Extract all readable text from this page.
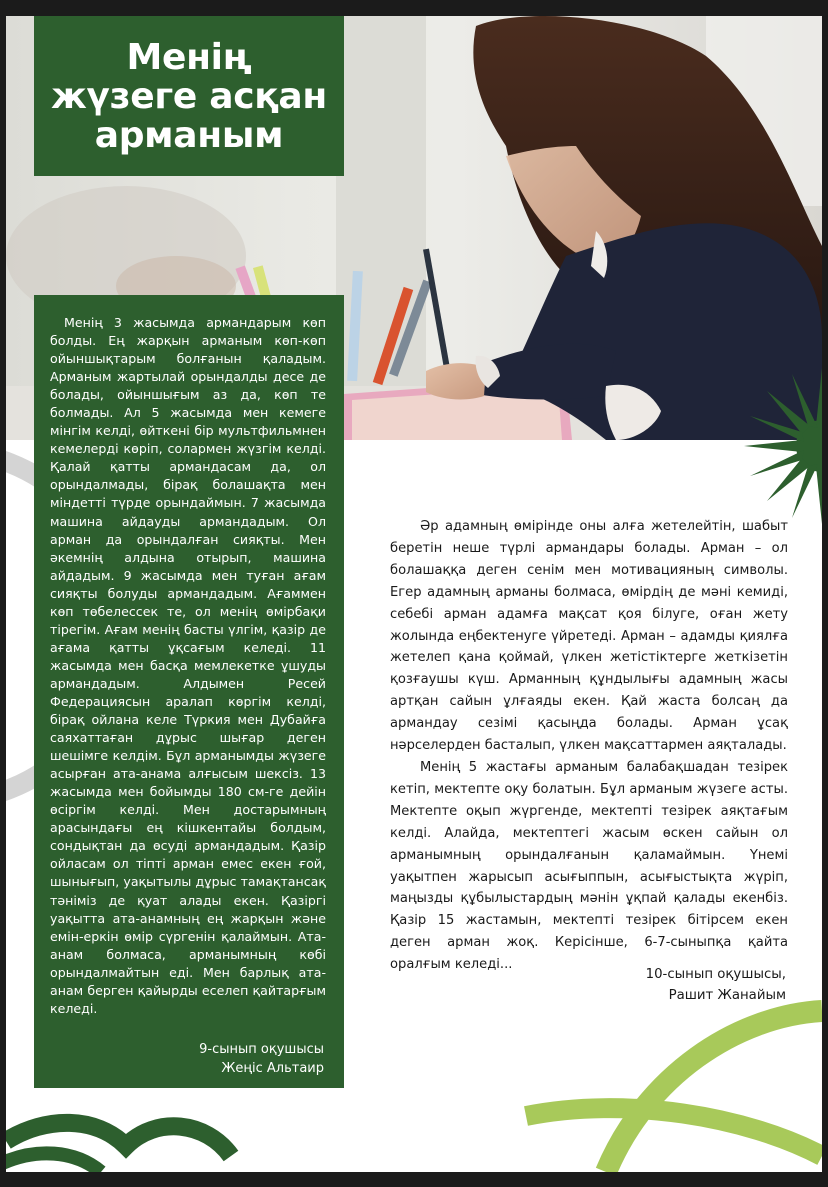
Менің
жүзеге асқан
арманым

Менің 3 жасымда армандарым көп болды. Ең жарқын арманым көп-көп ойыншықтарым болғанын қаладым. Арманым жартылай орындалды десе де болады, ойыншығым аз да, көп те болмады. Ал 5 жасымда мен кемеге мінгім келді, өйткені бір мультфильмнен кемелерді көріп, солармен жүзгім келді. Қалай қатты армандасам да, ол орындалмады, бірақ болашақта мен міндетті түрде орындаймын. 7 жасымда машина айдауды армандадым. Ол арман да орындалған сияқты. Мен әкемнің алдына отырып, машина айдадым. 9 жасымда мен туған ағам сияқты болуды армандадым. Ағаммен көп төбелессек те, ол менің өмірбақи тірегім. Ағам менің басты үлгім, қазір де ағама қатты ұқсағым келеді. 11 жасымда мен басқа мемлекетке ұшуды армандадым. Алдымен Ресей Федерациясын аралап көргім келді, бірақ ойлана келе Түркия мен Дубайға саяхаттаған дұрыс шығар деген шешімге келдім. Бұл арманымды жүзеге асырған ата-анама алғысым шексіз. 13 жасымда мен бойымды 180 см-ге дейін өсіргім келді. Мен достарымның арасындағы ең кішкентайы болдым, сондықтан да өсуді армандадым. Қазір ойласам ол тіпті арман емес екен ғой, шынығып, уақытылы дұрыс тамақтансақ тәніміз де қуат алады екен. Қазіргі уақытта ата-анамның ең жарқын және емін-еркін өмір сүргенін қалаймын. Ата-анам болмаса, арманымның көбі орындалмайтын еді. Мен барлық ата-анам берген қайырды еселеп қайтарғым келеді.

9-сынып оқушысы
Жеңіс Альтаир

Әр адамның өмірінде оны алға жетелейтін, шабыт беретін неше түрлі армандары болады. Арман – ол болашаққа деген сенім мен мотивацияның символы. Егер адамның арманы болмаса, өмірдің де мәні кемиді, себебі арман адамға мақсат қоя білуге, оған жету жолында еңбектенуге үйретеді. Арман – адамды қиялға жетелеп қана қоймай, үлкен жетістіктерге жеткізетін қозғаушы күш. Арманның құндылығы адамның жасы артқан сайын ұлғаяды екен. Қай жаста болсаң да армандау сезімі қасыңда болады. Арман ұсақ нәрселерден басталып, үлкен мақсаттармен аяқталады.

Менің 5 жастағы арманым балабақшадан тезірек кетіп, мектепте оқу болатын. Бұл арманым жүзеге асты. Мектепте оқып жүргенде, мектепті тезірек аяқтағым келді. Алайда, мектептегі жасым өскен сайын ол арманымның орындалғанын қаламаймын. Үнемі уақытпен жарысып асығыппын, асығыстықта жүріп, маңызды құбылыстардың мәнін ұқпай қалады екенбіз. Қазір 15 жастамын, мектепті тезірек бітірсем екен деген арман жоқ. Керісінше, 6-7-сыныпқа қайта оралғым келеді...

10-сынып оқушысы,
Рашит Жанайым
